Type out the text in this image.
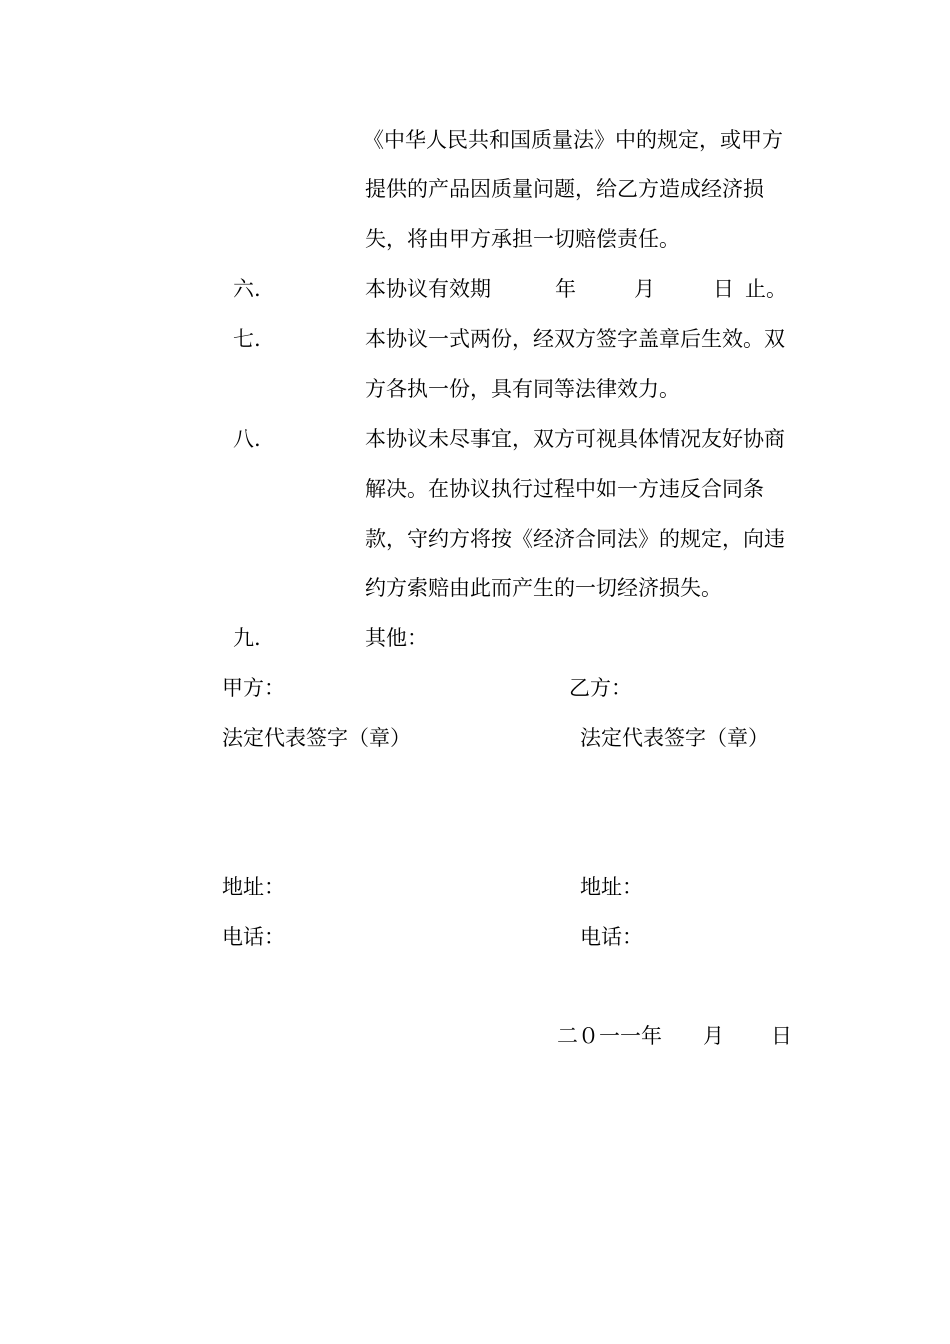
《中华人民共和国质量法》中的规定，或甲方
提供的产品因质量问题，给乙方造成经济损
失，将由甲方承担一切赔偿责任。
六.	本协议有效期	年	月	日 止。
七.	本协议一式两份，经双方签字盖章后生效。双
方各执一份，具有同等法律效力。
八.	本协议未尽事宜，双方可视具体情况友好协商
解决。在协议执行过程中如一方违反合同条
款，守约方将按《经济合同法》的规定，向违
约方索赔由此而产生的一切经济损失。
九.	其他：
甲方：	乙方：
法定代表签字（章）	法定代表签字（章）
地址：	地址：
电话：	电话：
二０一一年 月 日
